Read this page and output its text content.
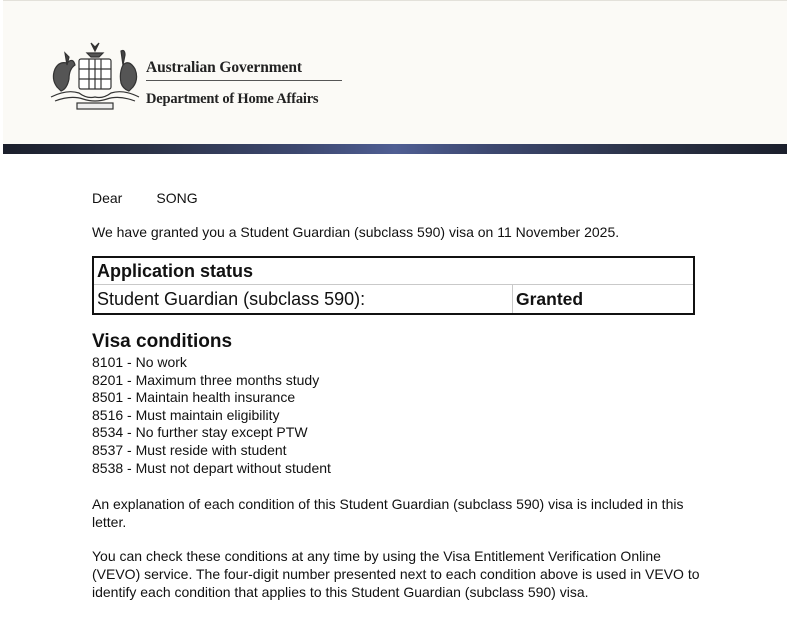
Australian Government
Department of Home Affairs
Dear SONG
We have granted you a Student Guardian (subclass 590) visa on 11 November 2025.
Application status
Student Guardian (subclass 590):	Granted
Visa conditions
8101 - No work
8201 - Maximum three months study
8501 - Maintain health insurance
8516 - Must maintain eligibility
8534 - No further stay except PTW
8537 - Must reside with student
8538 - Must not depart without student
An explanation of each condition of this Student Guardian (subclass 590) visa is included in this letter.
You can check these conditions at any time by using the Visa Entitlement Verification Online (VEVO) service. The four-digit number presented next to each condition above is used in VEVO to identify each condition that applies to this Student Guardian (subclass 590) visa.
